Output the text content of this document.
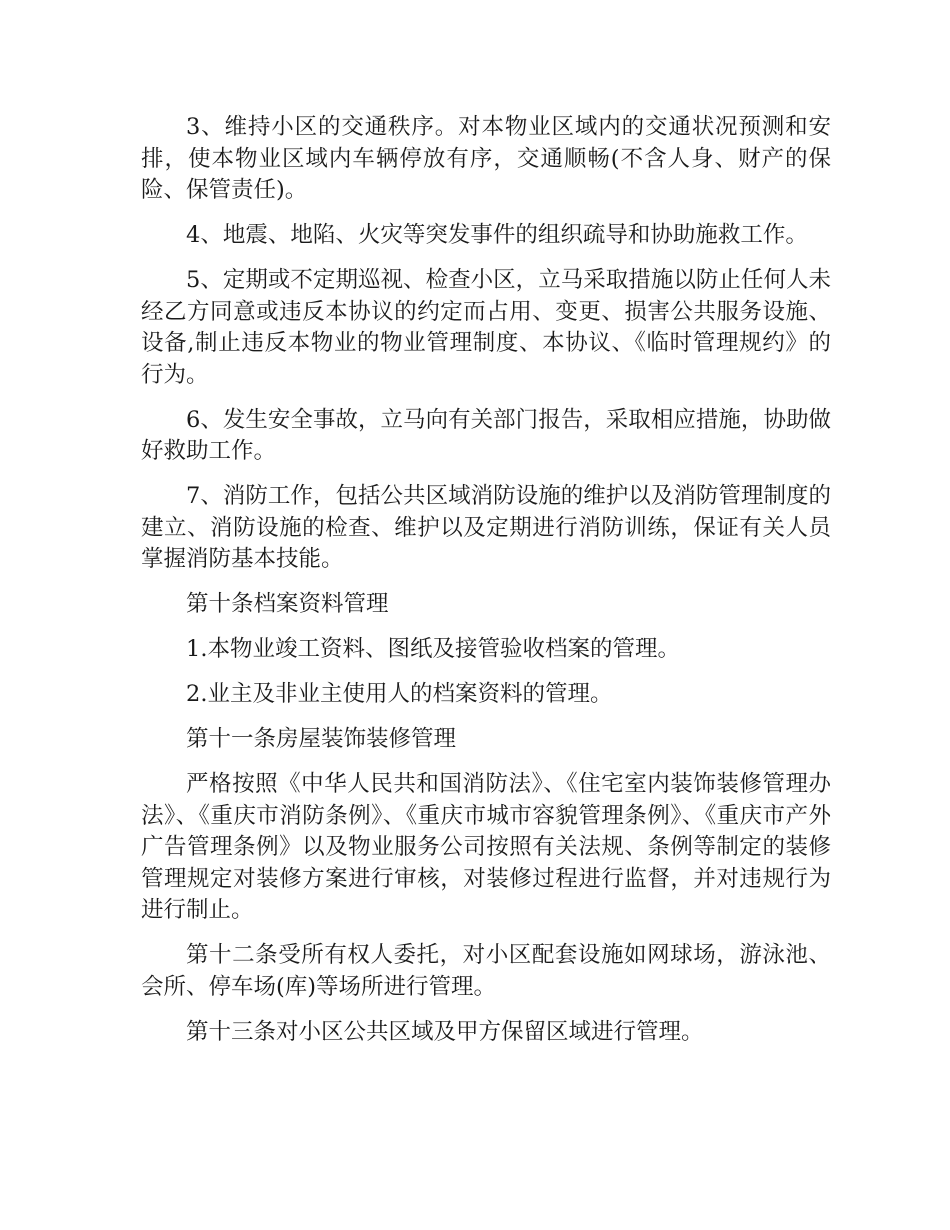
3、维持小区的交通秩序。对本物业区域内的交通状况预测和安排，使本物业区域内车辆停放有序，交通顺畅(不含人身、财产的保险、保管责任)。

4、地震、地陷、火灾等突发事件的组织疏导和协助施救工作。

5、定期或不定期巡视、检查小区，立马采取措施以防止任何人未经乙方同意或违反本协议的约定而占用、变更、损害公共服务设施、设备,制止违反本物业的物业管理制度、本协议、《临时管理规约》的行为。

6、发生安全事故，立马向有关部门报告，采取相应措施，协助做好救助工作。

7、消防工作，包括公共区域消防设施的维护以及消防管理制度的建立、消防设施的检查、维护以及定期进行消防训练，保证有关人员掌握消防基本技能。

第十条档案资料管理

1.本物业竣工资料、图纸及接管验收档案的管理。

2.业主及非业主使用人的档案资料的管理。

第十一条房屋装饰装修管理

严格按照《中华人民共和国消防法》、《住宅室内装饰装修管理办法》、《重庆市消防条例》、《重庆市城市容貌管理条例》、《重庆市产外广告管理条例》以及物业服务公司按照有关法规、条例等制定的装修管理规定对装修方案进行审核，对装修过程进行监督，并对违规行为进行制止。

第十二条受所有权人委托，对小区配套设施如网球场，游泳池、会所、停车场(库)等场所进行管理。

第十三条对小区公共区域及甲方保留区域进行管理。
